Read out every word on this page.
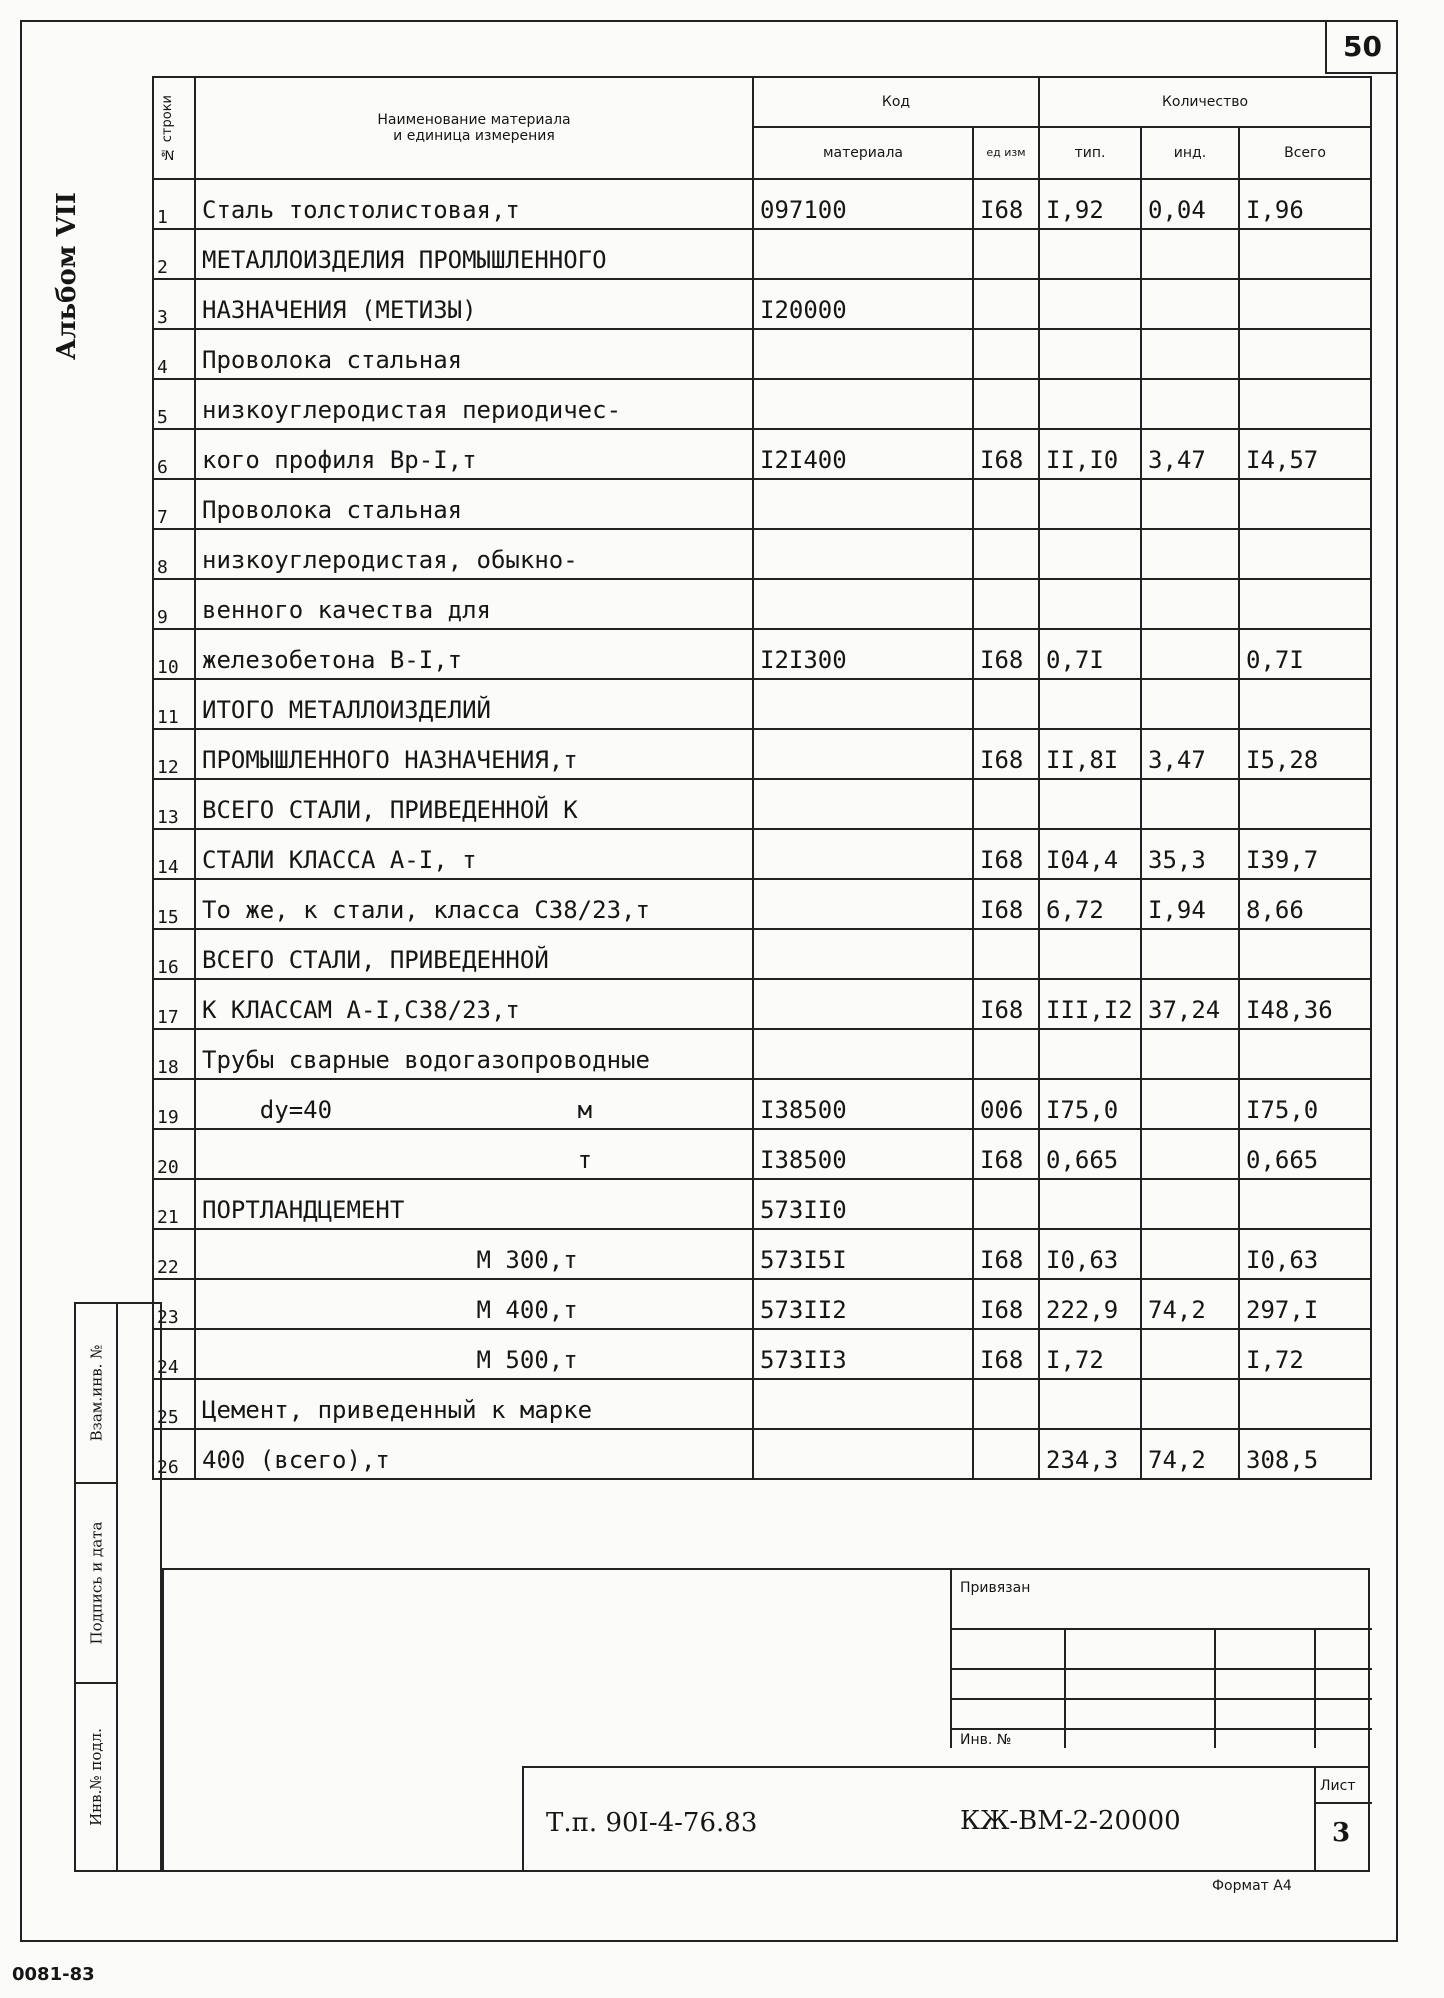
50
Альбом VII
№ строки	Наименование материала
и единица измерения	Код		Количество		
		материала	ед изм	тип.	инд.	Всего
1	Сталь толстолистовая,т	097100	I68	I,92	0,04	I,96
2	МЕТАЛЛОИЗДЕЛИЯ ПРОМЫШЛЕННОГО					
3	НАЗНАЧЕНИЯ (МЕТИЗЫ)	I20000				
4	Проволока стальная					
5	низкоуглеродистая периодичес-					
6	кого профиля Вр-I,т	I2I400	I68	II,I0	3,47	I4,57
7	Проволока стальная					
8	низкоуглеродистая, обыкно-					
9	венного качества для					
10	железобетона В-I,т	I2I300	I68	0,7I		0,7I
11	ИТОГО МЕТАЛЛОИЗДЕЛИЙ					
12	ПРОМЫШЛЕННОГО НАЗНАЧЕНИЯ,т		I68	II,8I	3,47	I5,28
13	ВСЕГО СТАЛИ, ПРИВЕДЕННОЙ К					
14	СТАЛИ КЛАССА А-I, т		I68	I04,4	35,3	I39,7
15	То же, к стали, класса С38/23,т		I68	6,72	I,94	8,66
16	ВСЕГО СТАЛИ, ПРИВЕДЕННОЙ					
17	К КЛАССАМ А-I,С38/23,т		I68	III,I2	37,24	I48,36
18	Трубы сварные водогазопроводные					
19	dy=40                 м	I38500	006	I75,0		I75,0
20	т	I38500	I68	0,665		0,665
21	ПОРТЛАНДЦЕМЕНТ	573II0				
22	М 300,т	573I5I	I68	I0,63		I0,63
23	М 400,т	573II2	I68	222,9	74,2	297,I
24	М 500,т	573II3	I68	I,72		I,72
25	Цемент, приведенный к марке					
26	400 (всего),т			234,3	74,2	308,5
Взам.инв. №
Подпись и дата
Инв.№ подл.
Привязан
Инв. №
Т.п. 90I-4-76.83	КЖ-ВМ-2-20000
Лист
3
Формат А4
0081-83
